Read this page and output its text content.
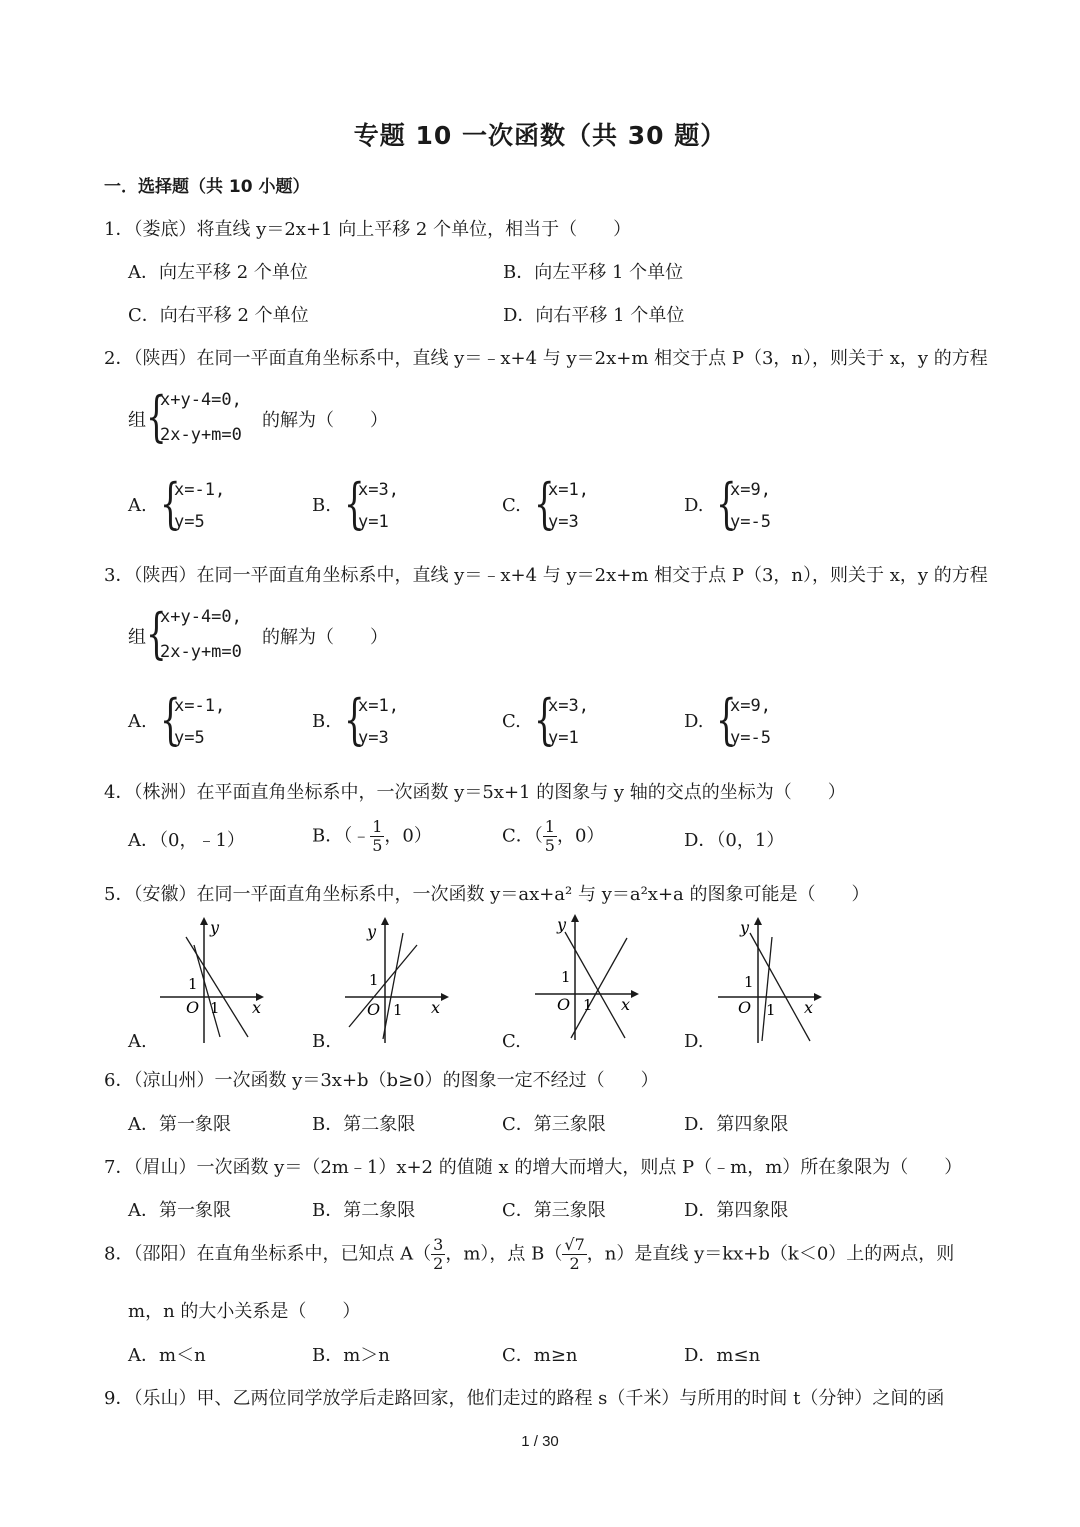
专题 10 一次函数（共 30 题）
一．选择题（共 10 小题）
1．（娄底）将直线 y＝2x+1 向上平移 2 个单位，相当于（　　）
A．向左平移 2 个单位	B．向左平移 1 个单位
C．向右平移 2 个单位	D．向右平移 1 个单位
2．（陕西）在同一平面直角坐标系中，直线 y＝﹣x+4 与 y＝2x+m 相交于点 P（3，n），则关于 x，y 的方程
组 {
x+y-4=0,
2x-y+m=0
的解为（　　）
A. {
x=-1,
y=5
B. {
x=3,
y=1
C. {
x=1,
y=3
D. {
x=9,
y=-5
3．（陕西）在同一平面直角坐标系中，直线 y＝﹣x+4 与 y＝2x+m 相交于点 P（3，n），则关于 x，y 的方程
组 {
x+y-4=0,
2x-y+m=0
的解为（　　）
A. {
x=-1,
y=5
B. {
x=1,
y=3
C. {
x=3,
y=1
D. {
x=9,
y=-5
4．（株洲）在平面直角坐标系中，一次函数 y＝5x+1 的图象与 y 轴的交点的坐标为（　　）
A．（0，﹣1）	B．（﹣ $\frac{1}{5}$ ，0）	C．（ $\frac{1}{5}$ ，0）	D．（0，1）
5．（安徽）在同一平面直角坐标系中，一次函数 y＝ax+a² 与 y＝a²x+a 的图象可能是（　　）
y
x
O
1
1
A.
y
x
O
1
1
B.
y
x
O
1
1
C.
y
x
O
1
1
D.
6．（凉山州）一次函数 y＝3x+b（b≥0）的图象一定不经过（　　）
A．第一象限	B．第二象限	C．第三象限	D．第四象限
7．（眉山）一次函数 y＝（2m﹣1）x+2 的值随 x 的增大而增大，则点 P（﹣m，m）所在象限为（　　）
A．第一象限	B．第二象限	C．第三象限	D．第四象限
8．（邵阳）在直角坐标系中，已知点 $A( \frac{3}{2}$ ，m），点 $B( \frac{√7}{2}$ ，n）是直线 y＝kx+b（k＜0）上的两点，则
m，n 的大小关系是（　　）
A．m＜n	B．m＞n	C．m≥n	D．m≤n
9．（乐山）甲、乙两位同学放学后走路回家，他们走过的路程 s（千米）与所用的时间 t（分钟）之间的函
1 / 30
